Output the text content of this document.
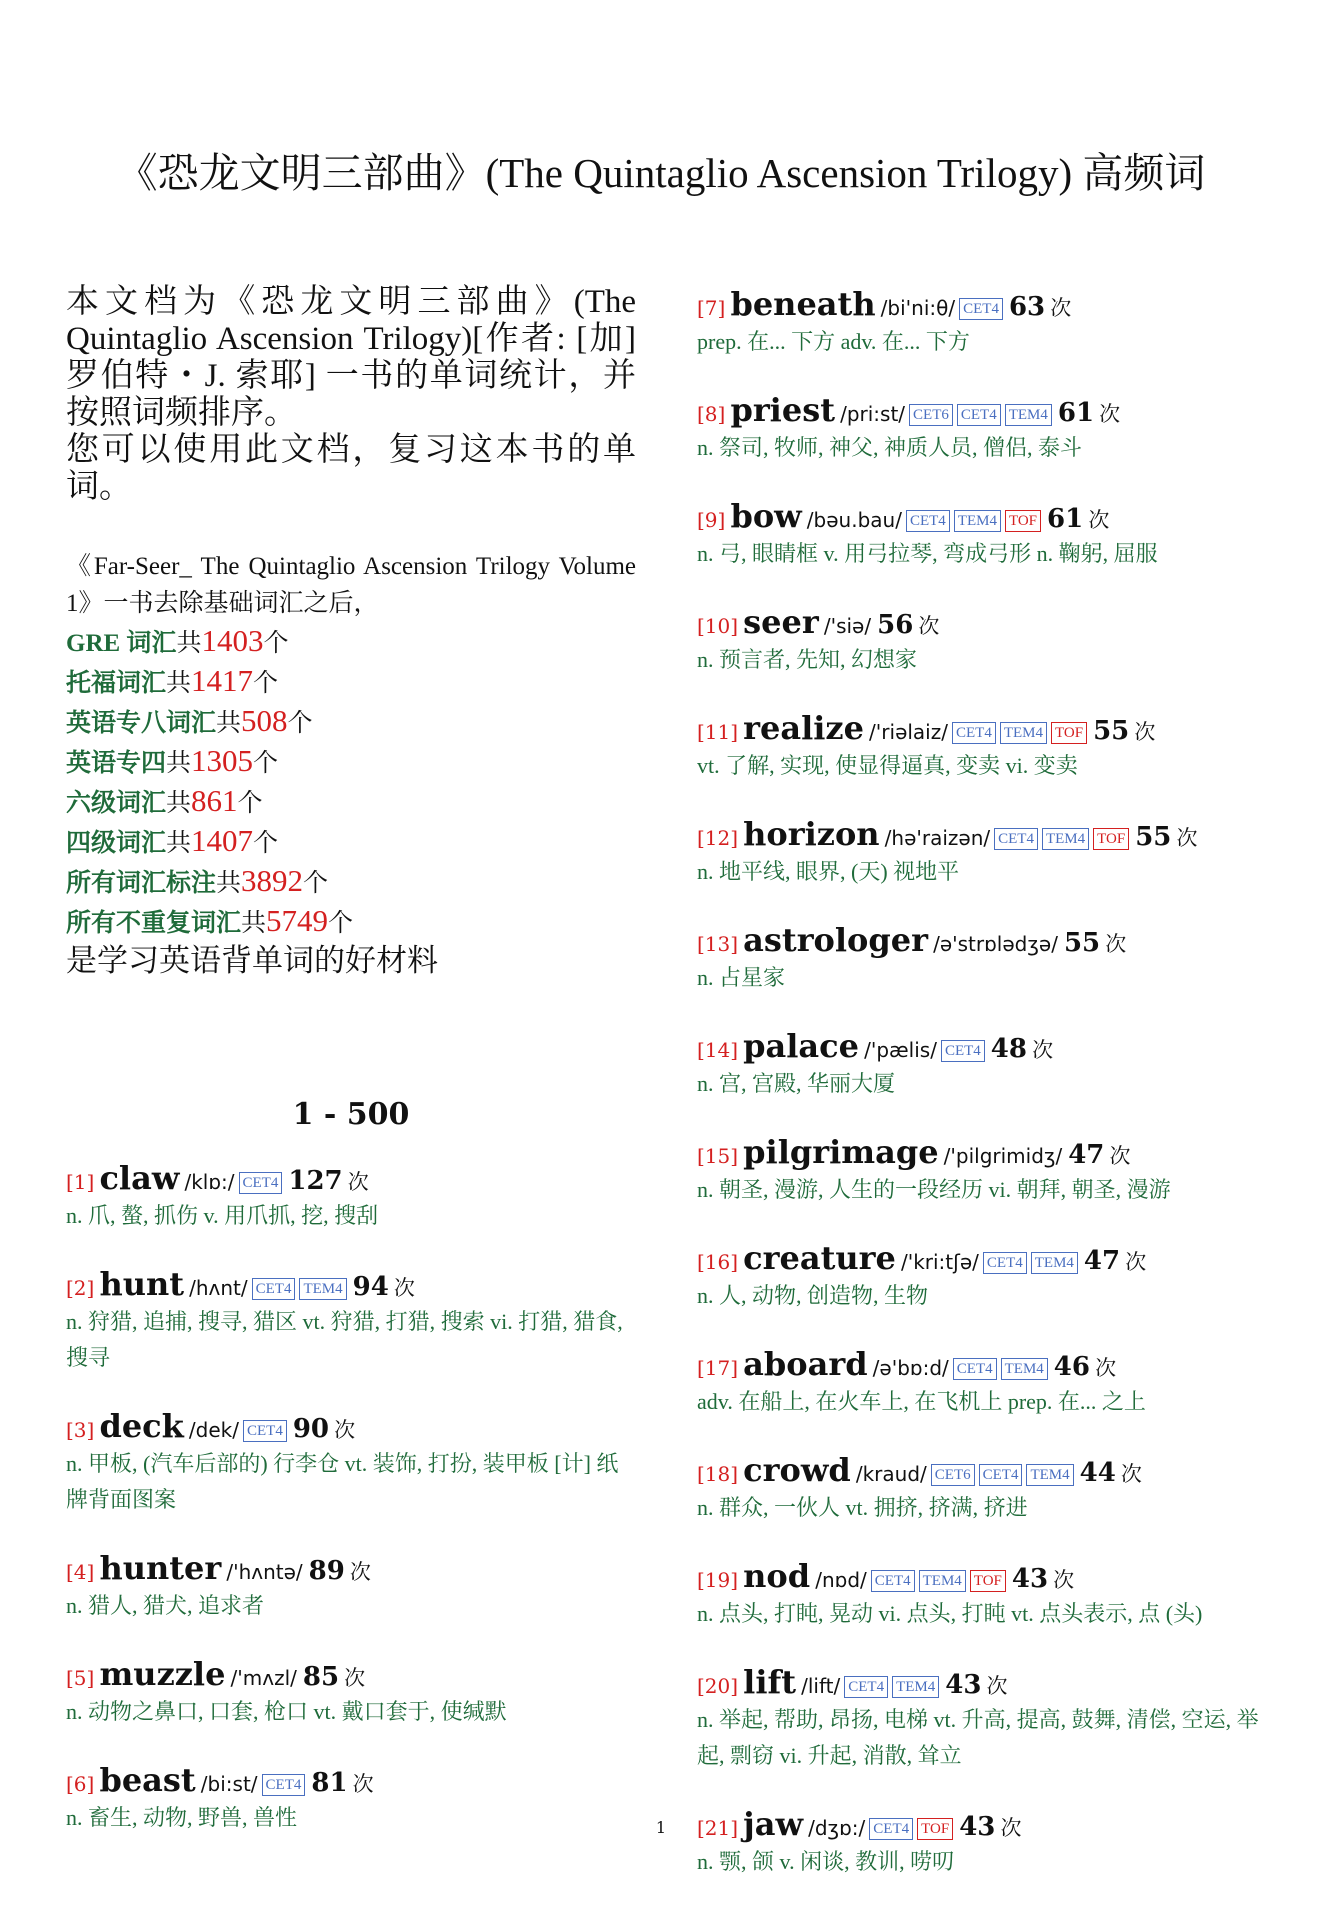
《恐龙文明三部曲》(The Quintaglio Ascension Trilogy) 高频词

本文档为《恐龙文明三部曲》(The Quintaglio Ascension Trilogy)[作者: [加] 罗伯特・J. 索耶] 一书的单词统计，并按照词频排序。

您可以使用此文档，复习这本书的单词。

《Far-Seer_ The Quintaglio Ascension Trilogy Volume 1》一书去除基础词汇之后，
GRE 词汇共1403个
托福词汇共1417个
英语专八词汇共508个
英语专四共1305个
六级词汇共861个
四级词汇共1407个
所有词汇标注共3892个
所有不重复词汇共5749个
是学习英语背单词的好材料
1 - 500
[1] claw /klɒ:/ CET4 127 次
n. 爪, 螯, 抓伤 v. 用爪抓, 挖, 搜刮
[2] hunt /hʌnt/ CET4 TEM4 94 次
n. 狩猎, 追捕, 搜寻, 猎区 vt. 狩猎, 打猎, 搜索 vi. 打猎, 猎食, 搜寻
[3] deck /dek/ CET4 90 次
n. 甲板, (汽车后部的) 行李仓 vt. 装饰, 打扮, 装甲板 [计] 纸牌背面图案
[4] hunter /'hʌntə/ 89 次
n. 猎人, 猎犬, 追求者
[5] muzzle /'mʌzl/ 85 次
n. 动物之鼻口, 口套, 枪口 vt. 戴口套于, 使缄默
[6] beast /bi:st/ CET4 81 次
n. 畜生, 动物, 野兽, 兽性
[7] beneath /bi'ni:θ/ CET4 63 次
prep. 在... 下方 adv. 在... 下方
[8] priest /pri:st/ CET6 CET4 TEM4 61 次
n. 祭司, 牧师, 神父, 神质人员, 僧侣, 泰斗
[9] bow /bəu.bau/ CET4 TEM4 TOF 61 次
n. 弓, 眼睛框 v. 用弓拉琴, 弯成弓形 n. 鞠躬, 屈服
[10] seer /'siə/ 56 次
n. 预言者, 先知, 幻想家
[11] realize /'riəlaiz/ CET4 TEM4 TOF 55 次
vt. 了解, 实现, 使显得逼真, 变卖 vi. 变卖
[12] horizon /hə'raizən/ CET4 TEM4 TOF 55 次
n. 地平线, 眼界, (天) 视地平
[13] astrologer /ə'strɒlədʒə/ 55 次
n. 占星家
[14] palace /'pælis/ CET4 48 次
n. 宫, 宫殿, 华丽大厦
[15] pilgrimage /'pilgrimidʒ/ 47 次
n. 朝圣, 漫游, 人生的一段经历 vi. 朝拜, 朝圣, 漫游
[16] creature /'kri:tʃə/ CET4 TEM4 47 次
n. 人, 动物, 创造物, 生物
[17] aboard /ə'bɒ:d/ CET4 TEM4 46 次
adv. 在船上, 在火车上, 在飞机上 prep. 在... 之上
[18] crowd /kraud/ CET6 CET4 TEM4 44 次
n. 群众, 一伙人 vt. 拥挤, 挤满, 挤进
[19] nod /nɒd/ CET4 TEM4 TOF 43 次
n. 点头, 打盹, 晃动 vi. 点头, 打盹 vt. 点头表示, 点 (头)
[20] lift /lift/ CET4 TEM4 43 次
n. 举起, 帮助, 昂扬, 电梯 vt. 升高, 提高, 鼓舞, 清偿, 空运, 举起, 剽窃 vi. 升起, 消散, 耸立
[21] jaw /dʒɒ:/ CET4 TOF 43 次
n. 颚, 颌 v. 闲谈, 教训, 唠叨
1
